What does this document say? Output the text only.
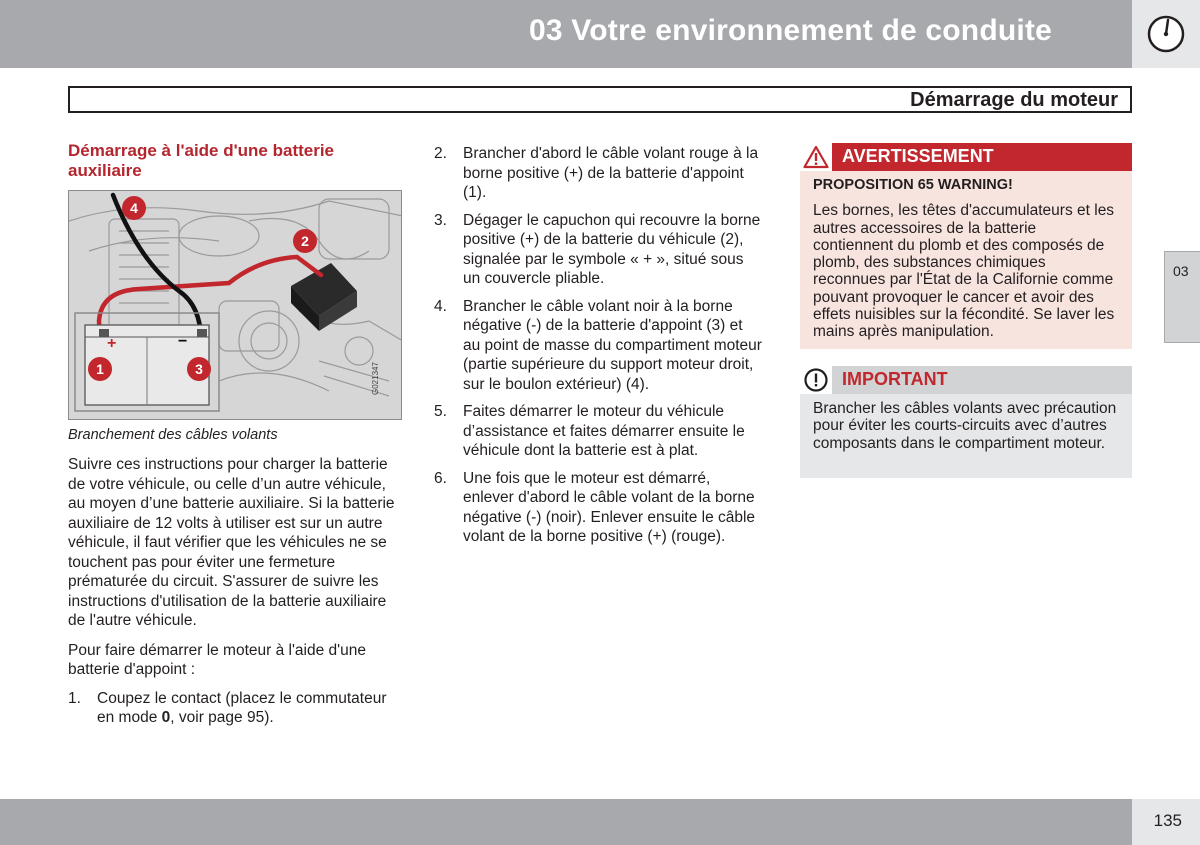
03 Votre environnement de conduite
Démarrage du moteur
03
Démarrage à l'aide d'une batterie auxiliaire
4
2
1	3
+	−
G021347
Branchement des câbles volants

Suivre ces instructions pour charger la batterie de votre véhicule, ou celle d’un autre véhicule, au moyen d’une batterie auxiliaire. Si la batterie auxiliaire de 12 volts à utiliser est sur un autre véhicule, il faut vérifier que les véhicules ne se touchent pas pour éviter une fermeture prématurée du circuit. S'assurer de suivre les instructions d'utilisation de la batterie auxiliaire de l'autre véhicule.

Pour faire démarrer le moteur à l'aide d'une batterie d'appoint :

1. Coupez le contact (placez le commutateur en mode 0, voir page 95).
2. Brancher d'abord le câble volant rouge à la borne positive (+) de la batterie d'appoint (1).
3. Dégager le capuchon qui recouvre la borne positive (+) de la batterie du véhicule (2), signalée par le symbole « + », situé sous un couvercle pliable.
4. Brancher le câble volant noir à la borne négative (-) de la batterie d'appoint (3) et au point de masse du compartiment moteur (partie supérieure du support moteur droit, sur le boulon extérieur) (4).
5. Faites démarrer le moteur du véhicule d’assistance et faites démarrer ensuite le véhicule dont la batterie est à plat.
6. Une fois que le moteur est démarré, enlever d'abord le câble volant de la borne négative (-) (noir). Enlever ensuite le câble volant de la borne positive (+) (rouge).
AVERTISSEMENT
PROPOSITION 65 WARNING!
Les bornes, les têtes d'accumulateurs et les autres accessoires de la batterie contiennent du plomb et des composés de plomb, des substances chimiques reconnues par l'État de la Californie comme pouvant provoquer le cancer et avoir des effets nuisibles sur la fécondité. Se laver les mains après manipulation.
IMPORTANT
Brancher les câbles volants avec précaution pour éviter les courts-circuits avec d’autres composants dans le compartiment moteur.
135
